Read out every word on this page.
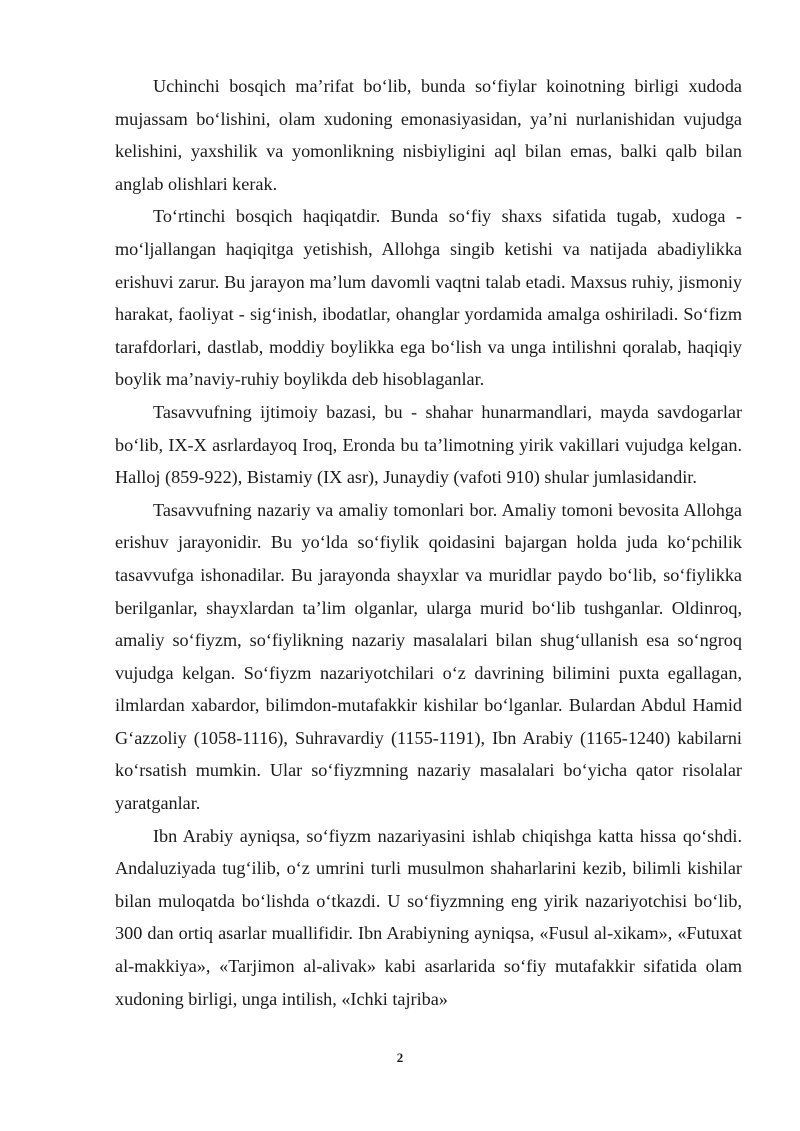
Uchinchi bosqich ma’rifat bo‘lib, bunda so‘fiylar koinotning birligi xudoda mujassam bo‘lishini, olam xudoning emonasiyasidan, ya’ni nurlanishidan vujudga kelishini, yaxshilik va yomonlikning nisbiyligini aql bilan emas, balki qalb bilan anglab olishlari kerak.

To‘rtinchi bosqich haqiqatdir. Bunda so‘fiy shaxs sifatida tugab, xudoga - mo‘ljallangan haqiqitga yetishish, Allohga singib ketishi va natijada abadiylikka erishuvi zarur. Bu jarayon ma’lum davomli vaqtni talab etadi. Maxsus ruhiy, jismoniy harakat, faoliyat - sig‘inish, ibodatlar, ohanglar yordamida amalga oshiriladi. So‘fizm tarafdorlari, dastlab, moddiy boylikka ega bo‘lish va unga intilishni qoralab, haqiqiy boylik ma’naviy-ruhiy boylikda deb hisoblaganlar.

Tasavvufning ijtimoiy bazasi, bu - shahar hunarmandlari, mayda savdogarlar bo‘lib, IX-X asrlardayoq Iroq, Eronda bu ta’limotning yirik vakillari vujudga kelgan. Halloj (859-922), Bistamiy (IX asr), Junaydiy (vafoti 910) shular jumlasidandir.

Tasavvufning nazariy va amaliy tomonlari bor. Amaliy tomoni bevosita Allohga erishuv jarayonidir. Bu yo‘lda so‘fiylik qoidasini bajargan holda juda ko‘pchilik tasavvufga ishonadilar. Bu jarayonda shayxlar va muridlar paydo bo‘lib, so‘fiylikka berilganlar, shayxlardan ta’lim olganlar, ularga murid bo‘lib tushganlar. Oldinroq, amaliy so‘fiyzm, so‘fiylikning nazariy masalalari bilan shug‘ullanish esa so‘ngroq vujudga kelgan. So‘fiyzm nazariyotchilari o‘z davrining bilimini puxta egallagan, ilmlardan xabardor, bilimdon-mutafakkir kishilar bo‘lganlar. Bulardan Abdul Hamid G‘azzoliy (1058-1116), Suhravardiy (1155-1191), Ibn Arabiy (1165-1240) kabilarni ko‘rsatish mumkin. Ular so‘fiyzmning nazariy masalalari bo‘yicha qator risolalar yaratganlar.

Ibn Arabiy ayniqsa, so‘fiyzm nazariyasini ishlab chiqishga katta hissa qo‘shdi. Andaluziyada tug‘ilib, o‘z umrini turli musulmon shaharlarini kezib, bilimli kishilar bilan muloqatda bo‘lishda o‘tkazdi. U so‘fiyzmning eng yirik nazariyotchisi bo‘lib, 300 dan ortiq asarlar muallifidir. Ibn Arabiyning ayniqsa, «Fusul al-xikam», «Futuxat al-makkiya», «Tarjimon al-alivak» kabi asarlarida so‘fiy mutafakkir sifatida olam xudoning birligi, unga intilish, «Ichki tajriba»

2
